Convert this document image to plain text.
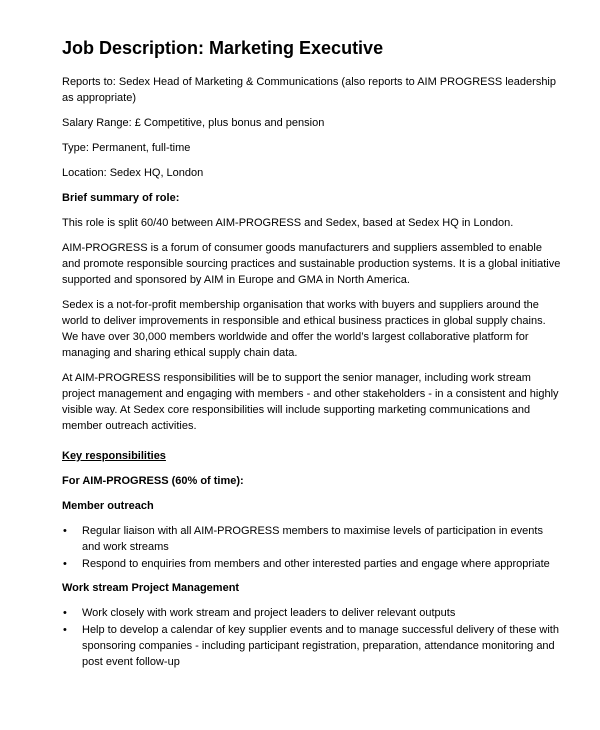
Job Description: Marketing Executive

Reports to: Sedex Head of Marketing & Communications (also reports to AIM PROGRESS leadership as appropriate)

Salary Range: £ Competitive, plus bonus and pension

Type: Permanent, full-time

Location: Sedex HQ, London

Brief summary of role:

This role is split 60/40 between AIM-PROGRESS and Sedex, based at Sedex HQ in London.

AIM-PROGRESS is a forum of consumer goods manufacturers and suppliers assembled to enable and promote responsible sourcing practices and sustainable production systems. It is a global initiative supported and sponsored by AIM in Europe and GMA in North America.

Sedex is a not-for-profit membership organisation that works with buyers and suppliers around the world to deliver improvements in responsible and ethical business practices in global supply chains. We have over 30,000 members worldwide and offer the world’s largest collaborative platform for managing and sharing ethical supply chain data.

At AIM-PROGRESS responsibilities will be to support the senior manager, including work stream project management and engaging with members - and other stakeholders - in a consistent and highly visible way. At Sedex core responsibilities will include supporting marketing communications and member outreach activities.

Key responsibilities
For AIM-PROGRESS (60% of time):
Member outreach
• Regular liaison with all AIM-PROGRESS members to maximise levels of participation in events and work streams
• Respond to enquiries from members and other interested parties and engage where appropriate
Work stream Project Management
• Work closely with work stream and project leaders to deliver relevant outputs
• Help to develop a calendar of key supplier events and to manage successful delivery of these with sponsoring companies - including participant registration, preparation, attendance monitoring and post event follow-up
